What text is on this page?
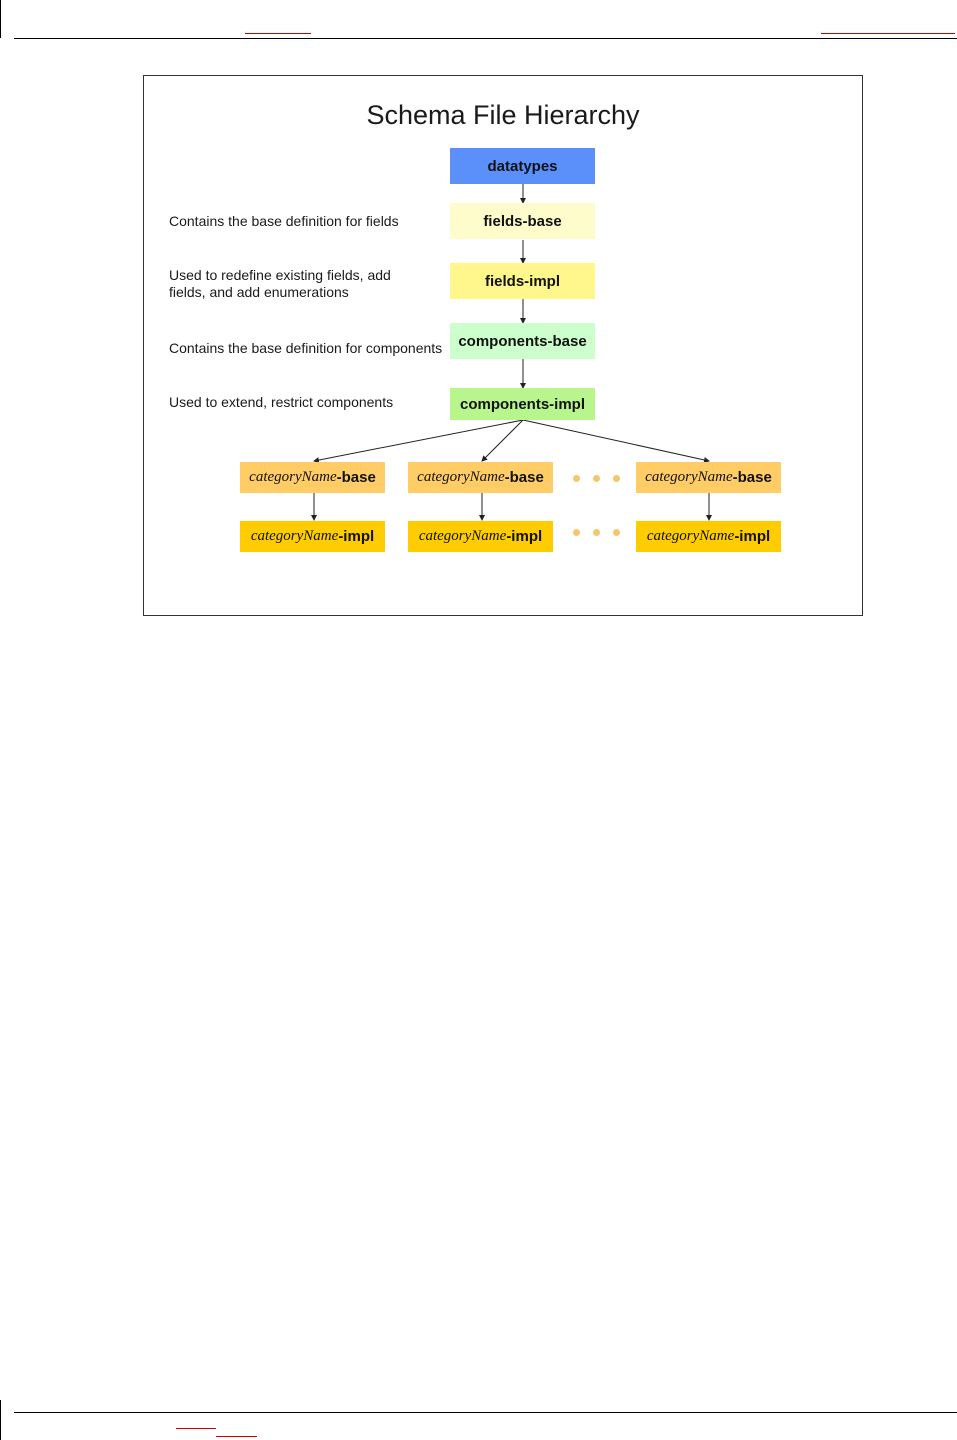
Schema File Hierarchy
datatypes
fields-base
fields-impl
components-base
components-impl
Contains the base definition for fields
Used to redefine existing fields, add
fields, and add enumerations
Contains the base definition for components
Used to extend, restrict components
categoryName -base
categoryName -impl
categoryName -base
categoryName -impl
categoryName -base
categoryName -impl
